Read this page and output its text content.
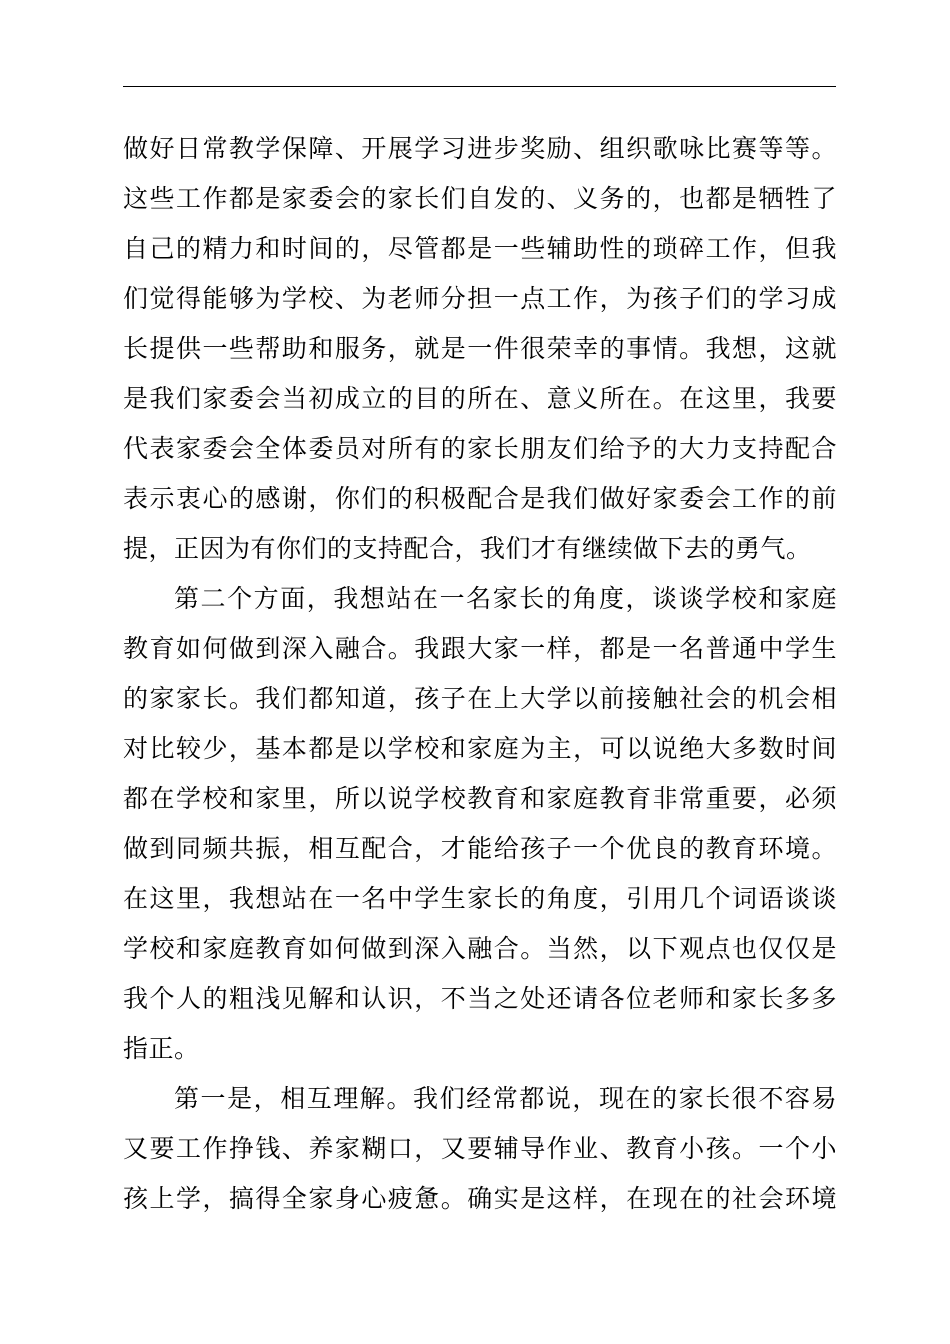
做好日常教学保障、开展学习进步奖励、组织歌咏比赛等等。
这些工作都是家委会的家长们自发的、义务的，也都是牺牲了
自己的精力和时间的，尽管都是一些辅助性的琐碎工作，但我
们觉得能够为学校、为老师分担一点工作，为孩子们的学习成
长提供一些帮助和服务，就是一件很荣幸的事情。我想，这就
是我们家委会当初成立的目的所在、意义所在。在这里，我要
代表家委会全体委员对所有的家长朋友们给予的大力支持配合
表示衷心的感谢，你们的积极配合是我们做好家委会工作的前
提，正因为有你们的支持配合，我们才有继续做下去的勇气。
第二个方面，我想站在一名家长的角度，谈谈学校和家庭
教育如何做到深入融合。我跟大家一样，都是一名普通中学生
的家家长。我们都知道，孩子在上大学以前接触社会的机会相
对比较少，基本都是以学校和家庭为主，可以说绝大多数时间
都在学校和家里，所以说学校教育和家庭教育非常重要，必须
做到同频共振，相互配合，才能给孩子一个优良的教育环境。
在这里，我想站在一名中学生家长的角度，引用几个词语谈谈
学校和家庭教育如何做到深入融合。当然，以下观点也仅仅是
我个人的粗浅见解和认识，不当之处还请各位老师和家长多多
指正。
第一是，相互理解。我们经常都说，现在的家长很不容易
又要工作挣钱、养家糊口，又要辅导作业、教育小孩。一个小
孩上学，搞得全家身心疲惫。确实是这样，在现在的社会环境
